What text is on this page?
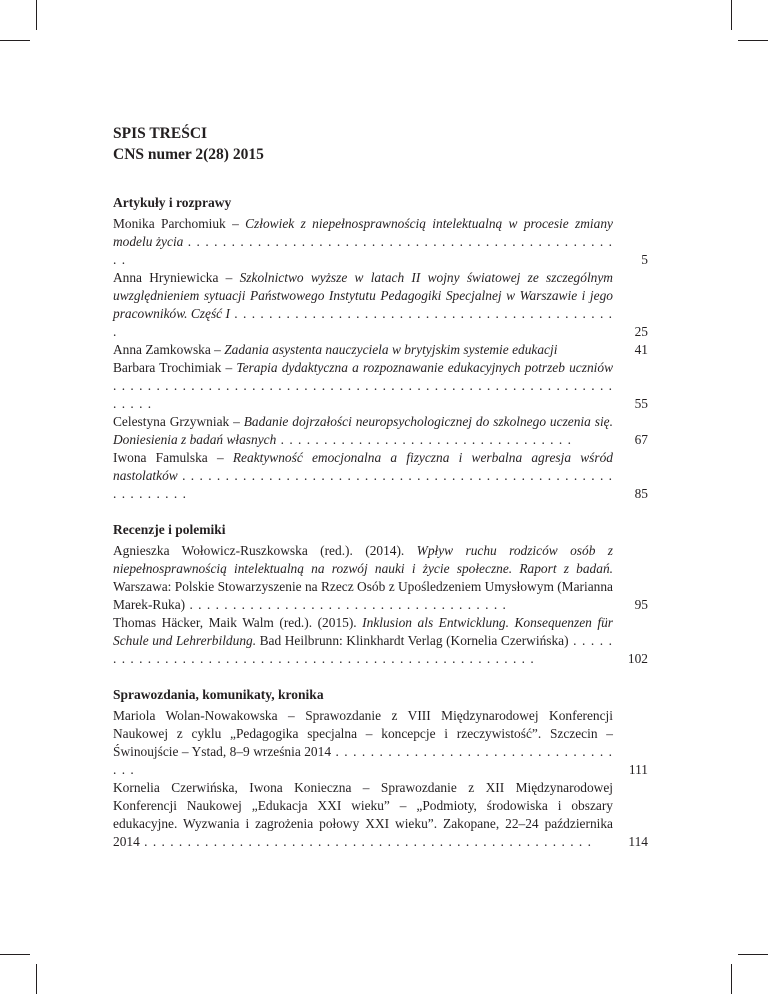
SPIS TREŚCI
CNS numer 2(28) 2015
Artykuły i rozprawy
Monika Parchomiuk – Człowiek z niepełnosprawnością intelektualną w procesie zmiany modelu życia . . . . . . . . . . . . . . . . . . . . . . . . . . . . . . . . . . . . . . . . . . . . . . . . . . .	5
Anna Hryniewicka – Szkolnictwo wyższe w latach II wojny światowej ze szczególnym uwzględnieniem sytuacji Państwowego Instytutu Pedagogiki Specjalnej w Warszawie i jego pracowników. Część I . . . . . . . . . . . . . . . . . . . . . . . . . . . . . . . . . . . . . . . . . . . . .	25
Anna Zamkowska – Zadania asystenta nauczyciela w brytyjskim systemie edukacji	41
Barbara Trochimiak – Terapia dydaktyczna a rozpoznawanie edukacyjnych potrzeb uczniów . . . . . . . . . . . . . . . . . . . . . . . . . . . . . . . . . . . . . . . . . . . . . . . . . . . . . . . . . . . . . . .	55
Celestyna Grzywniak – Badanie dojrzałości neuropsychologicznej do szkolnego uczenia się. Doniesienia z badań własnych . . . . . . . . . . . . . . . . . . . . . . . . . . . . . . . . . .	67
Iwona Famulska – Reaktywność emocjonalna a fizyczna i werbalna agresja wśród nastolatków . . . . . . . . . . . . . . . . . . . . . . . . . . . . . . . . . . . . . . . . . . . . . . . . . . . . . . . . . . .	85
Recenzje i polemiki
Agnieszka Wołowicz-Ruszkowska (red.). (2014). Wpływ ruchu rodziców osób z niepełnosprawnością intelektualną na rozwój nauki i życie społeczne. Raport z badań. Warszawa: Polskie Stowarzyszenie na Rzecz Osób z Upośledzeniem Umysłowym (Marianna Marek-Ruka) . . . . . . . . . . . . . . . . . . . . . . . . . . . . . . . . . . . . .	95
Thomas Häcker, Maik Walm (red.). (2015). Inklusion als Entwicklung. Konsequenzen für Schule und Lehrerbildung. Bad Heilbrunn: Klinkhardt Verlag (Kornelia Czerwińska) . . . . . . . . . . . . . . . . . . . . . . . . . . . . . . . . . . . . . . . . . . . . . . . . . . . . . .	102
Sprawozdania, komunikaty, kronika
Mariola Wolan-Nowakowska – Sprawozdanie z VIII Międzynarodowej Konferencji Naukowej z cyklu „Pedagogika specjalna – koncepcje i rzeczywistość”. Szczecin – Świnoujście – Ystad, 8–9 września 2014 . . . . . . . . . . . . . . . . . . . . . . . . . . . . . . . . . . .	111
Kornelia Czerwińska, Iwona Konieczna – Sprawozdanie z XII Międzynarodowej Konferencji Naukowej „Edukacja XXI wieku” – „Podmioty, środowiska i obszary edukacyjne. Wyzwania i zagrożenia połowy XXI wieku”. Zakopane, 22–24 października 2014 . . . . . . . . . . . . . . . . . . . . . . . . . . . . . . . . . . . . . . . . . . . . . . . . . . . .	114
